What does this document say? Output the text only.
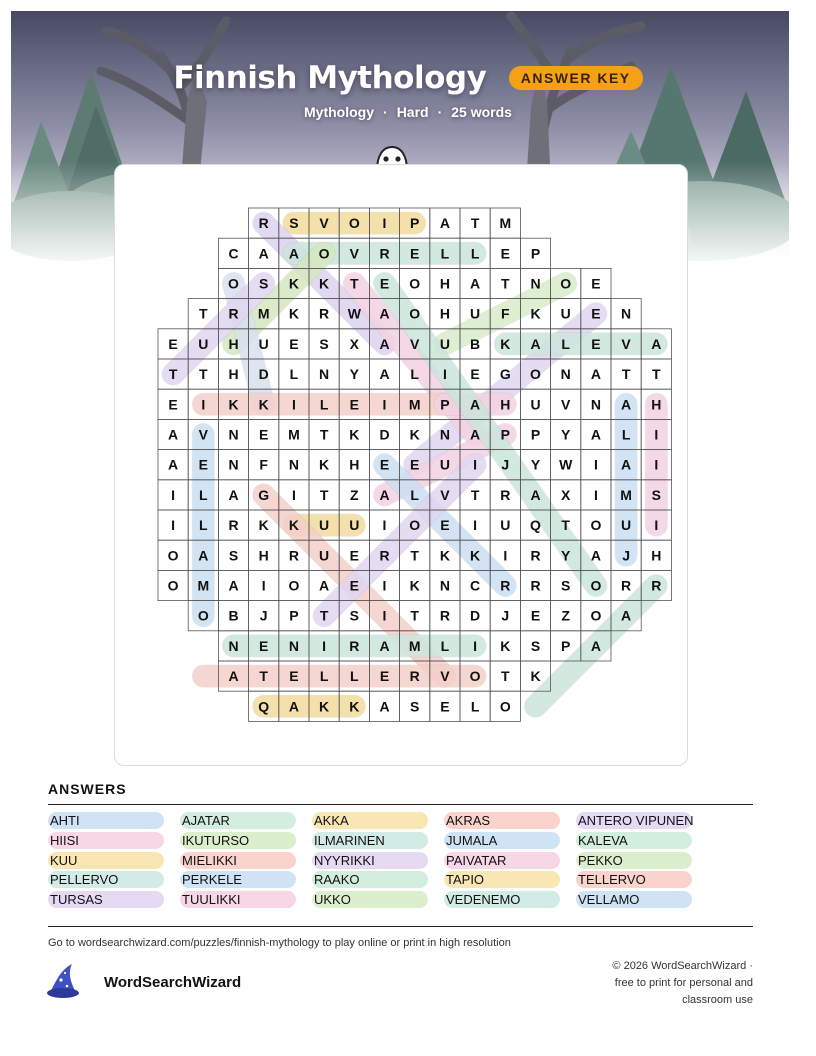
Finnish Mythology ANSWER KEY
Mythology · Hard · 25 words
R S V O I P A T M
C A A O V R E L L E P
O S K K T E O H A T N O E
T R M K R W A O H U F K U E N
E U H U E S X A V U B K A L E V A
T T H D L N Y A L I E G O N A T T
E I K K I L E I M P A H U V N A H
A V N E M T K D K N A P P Y A L I
A E N F N K H E E U I J Y W I A I
I L A G I T Z A L V T R A X I M S
I L R K K U U I O E I U Q T O U I
O A S H R U E R T K K I R Y A J H
O M A I O A E I K N C R R S O R R
O B J P T S I T R D J E Z O A
N E N I R A M L I K S P A
A T E L L E R V O T K
Q A K K A S E L O
ANSWERS
AHTI	AJATAR	AKKA	AKRAS	ANTERO VIPUNEN
HIISI	IKUTURSO	ILMARINEN	JUMALA	KALEVA
KUU	MIELIKKI	NYYRIKKI	PAIVATAR	PEKKO
PELLERVO	PERKELE	RAAKO	TAPIO	TELLERVO
TURSAS	TUULIKKI	UKKO	VEDENEMO	VELLAMO
Go to wordsearchwizard.com/puzzles/finnish-mythology to play online or print in high resolution
WordSearchWizard
© 2026 WordSearchWizard ·
free to print for personal and
classroom use
